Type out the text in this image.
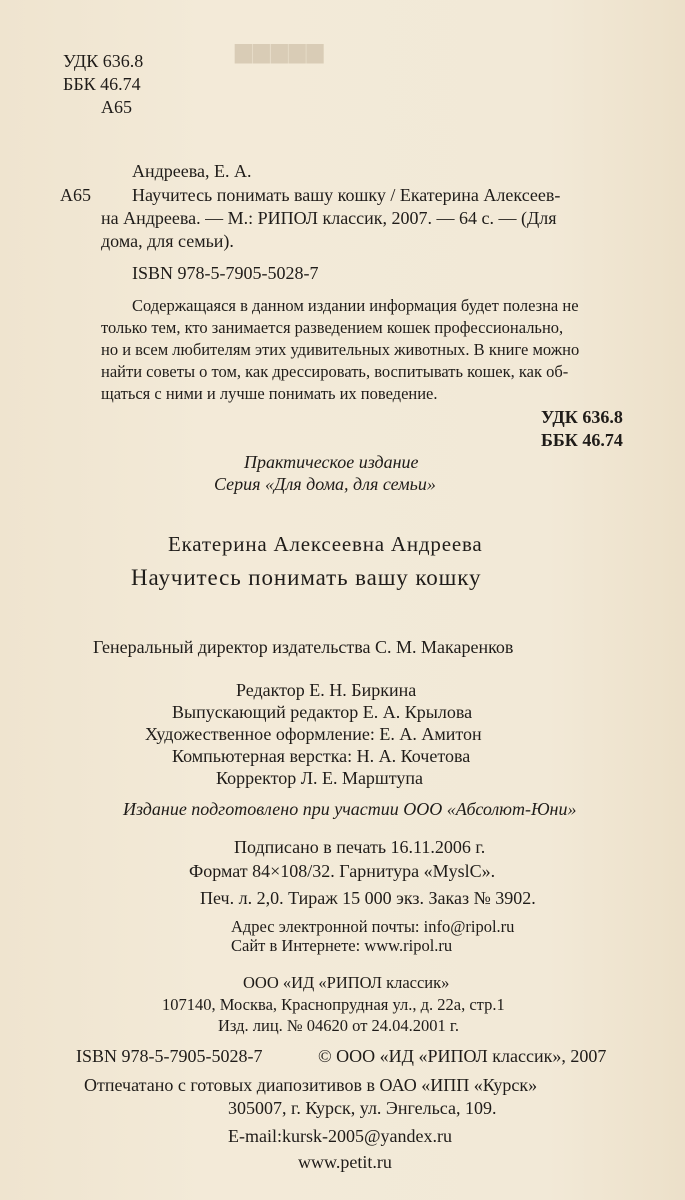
▆▆▆▆▆
УДК 636.8
ББК 46.74
А65
Андреева, Е. А.
А65 Научитесь понимать вашу кошку / Екатерина Алексеев-
на Андреева. — М.: РИПОЛ классик, 2007. — 64 с. — (Для
дома, для семьи).
ISBN 978-5-7905-5028-7
Содержащаяся в данном издании информация будет полезна не
только тем, кто занимается разведением кошек профессионально,
но и всем любителям этих удивительных животных. В книге можно
найти советы о том, как дрессировать, воспитывать кошек, как об-
щаться с ними и лучше понимать их поведение.
УДК 636.8
ББК 46.74
Практическое издание
Серия «Для дома, для семьи»
Екатерина Алексеевна Андреева
Научитесь понимать вашу кошку
Генеральный директор издательства С. М. Макаренков
Редактор Е. Н. Биркина
Выпускающий редактор Е. А. Крылова
Художественное оформление: Е. А. Амитон
Компьютерная верстка: Н. А. Кочетова
Корректор Л. Е. Марштупа
Издание подготовлено при участии ООО «Абсолют-Юни»
Подписано в печать 16.11.2006 г.
Формат 84×108/32. Гарнитура «MyslC».
Печ. л. 2,0. Тираж 15 000 экз. Заказ № 3902.
Адрес электронной почты: info@ripol.ru
Сайт в Интернете: www.ripol.ru
ООО «ИД «РИПОЛ классик»
107140, Москва, Краснопрудная ул., д. 22а, стр.1
Изд. лиц. № 04620 от 24.04.2001 г.
ISBN 978-5-7905-5028-7	© ООО «ИД «РИПОЛ классик», 2007
Отпечатано с готовых диапозитивов в ОАО «ИПП «Курск»
305007, г. Курск, ул. Энгельса, 109.
E-mail:kursk-2005@yandex.ru
www.petit.ru
